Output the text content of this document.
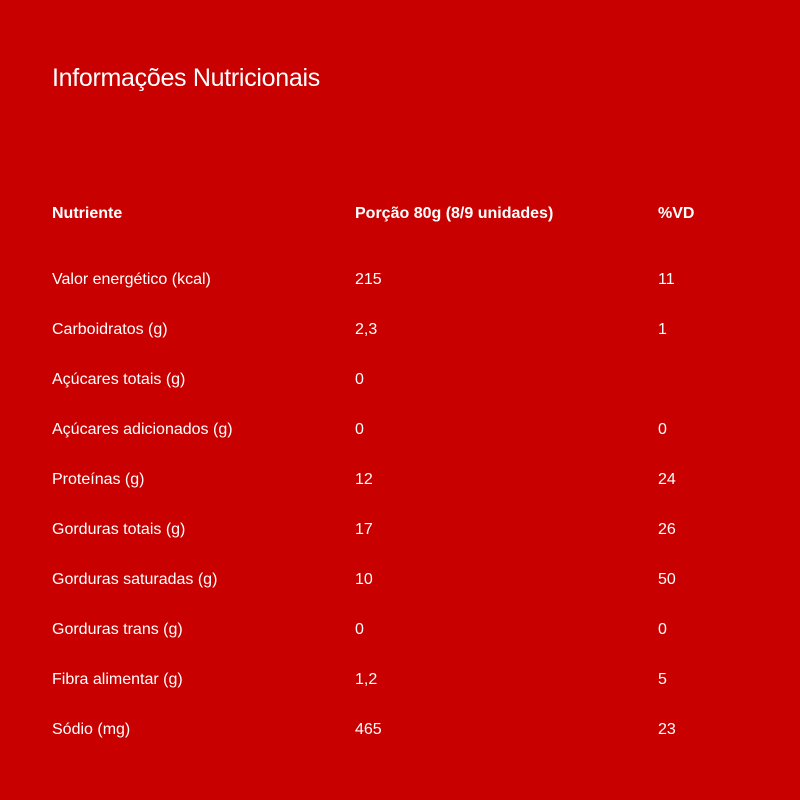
Informações Nutricionais
Nutriente	Porção 80g (8/9 unidades)	%VD
Valor energético (kcal)	215	11
Carboidratos (g)	2,3	1
Açúcares totais (g)	0
Açúcares adicionados (g)	0	0
Proteínas (g)	12	24
Gorduras totais (g)	17	26
Gorduras saturadas (g)	10	50
Gorduras trans (g)	0	0
Fibra alimentar (g)	1,2	5
Sódio (mg)	465	23
